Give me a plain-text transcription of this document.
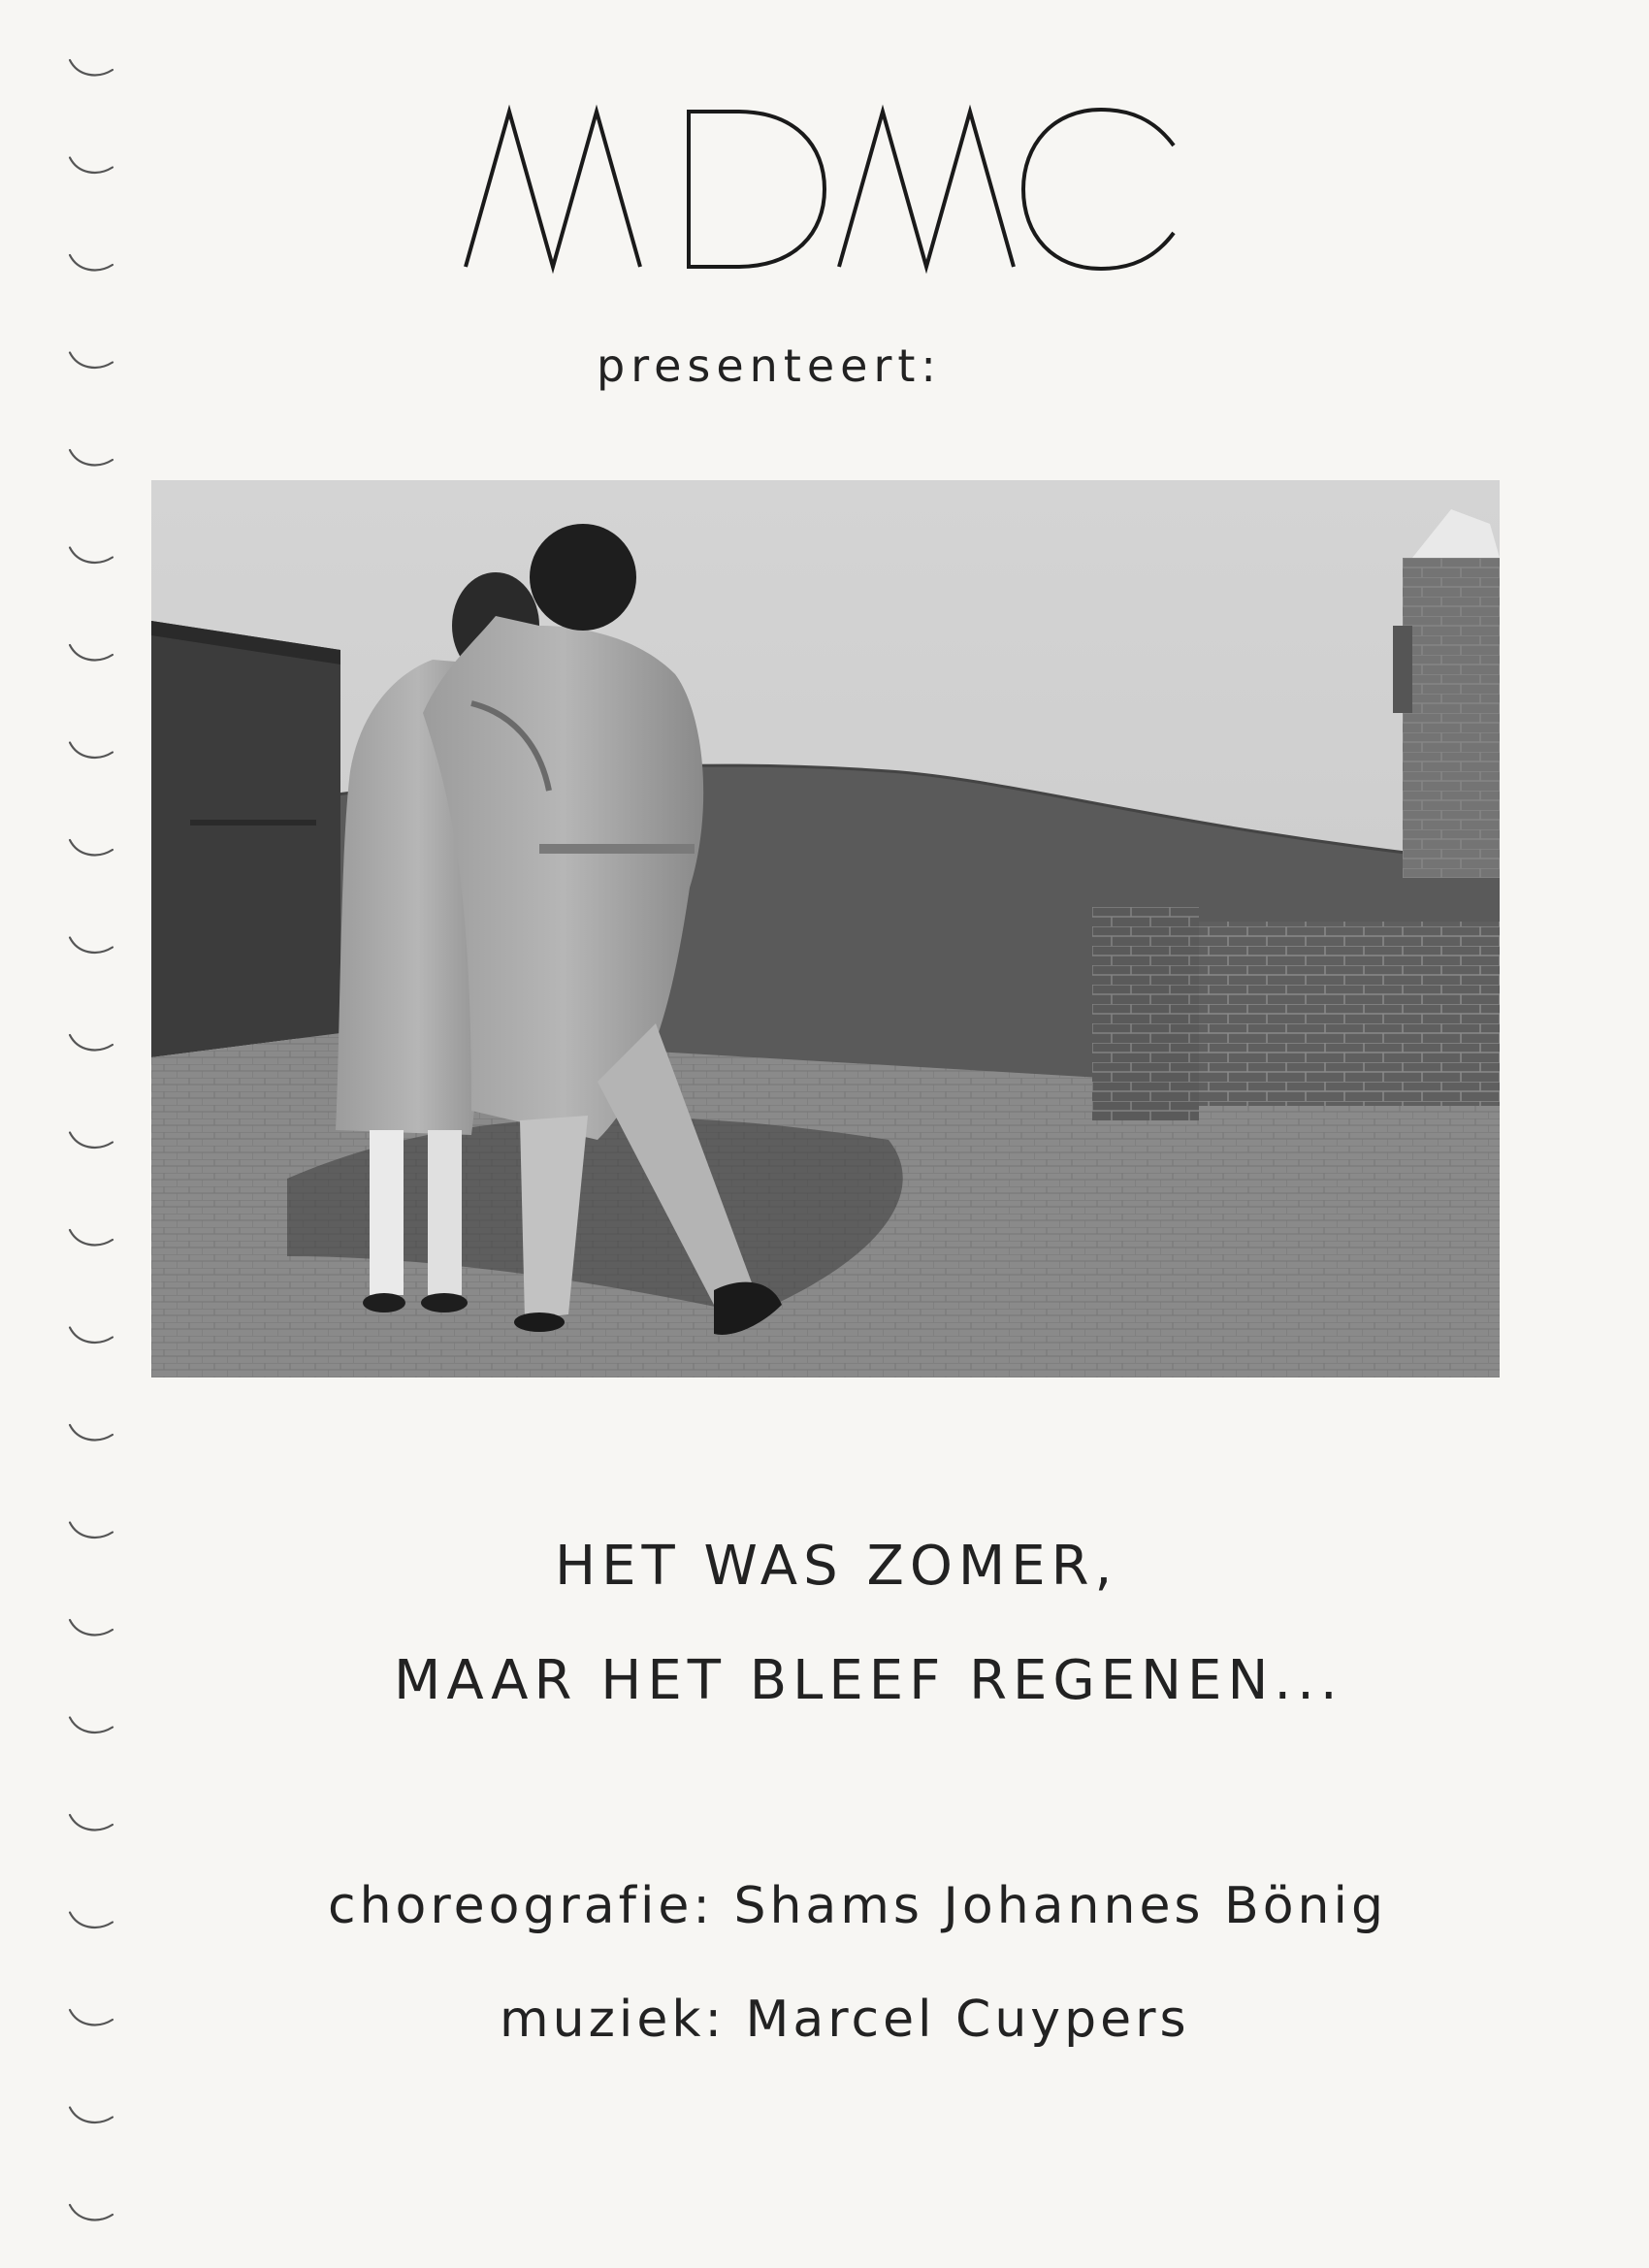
presenteert:
HET WAS ZOMER,
MAAR HET BLEEF REGENEN...
choreografie: Shams Johannes Bönig
muziek: Marcel Cuypers
